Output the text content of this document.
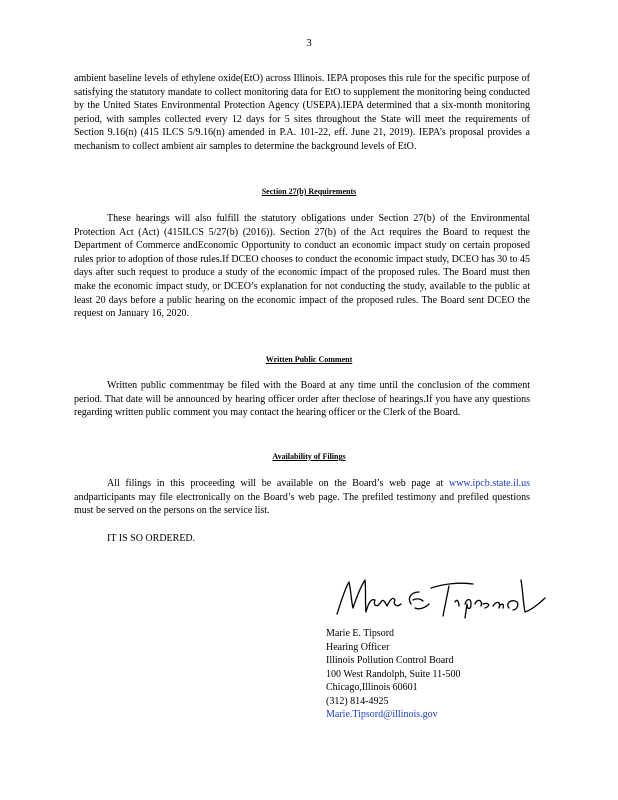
3

ambient baseline levels of ethylene oxide(EtO) across Illinois. IEPA proposes this rule for the specific purpose of satisfying the statutory mandate to collect monitoring data for EtO to supplement the monitoring being conducted by the United States Environmental Protection Agency (USEPA).IEPA determined that a six-month monitoring period, with samples collected every 12 days for 5 sites throughout the State will meet the requirements of Section 9.16(n) (415 ILCS 5/9.16(n) amended in P.A. 101-22, eff. June 21, 2019). IEPA’s proposal provides a mechanism to collect ambient air samples to determine the background levels of EtO.

Section 27(b) Requirements

These hearings will also fulfill the statutory obligations under Section 27(b) of the Environmental Protection Act (Act) (415ILCS 5/27(b) (2016)). Section 27(b) of the Act requires the Board to request the Department of Commerce andEconomic Opportunity to conduct an economic impact study on certain proposed rules prior to adoption of those rules.If DCEO chooses to conduct the economic impact study, DCEO has 30 to 45 days after such request to produce a study of the economic impact of the proposed rules. The Board must then make the economic impact study, or DCEO’s explanation for not conducting the study, available to the public at least 20 days before a public hearing on the economic impact of the proposed rules. The Board sent DCEO the request on January 16, 2020.

Written Public Comment

Written public commentmay be filed with the Board at any time until the conclusion of the comment period. That date will be announced by hearing officer order after theclose of hearings.If you have any questions regarding written public comment you may contact the hearing officer or the Clerk of the Board.

Availability of Filings

All filings in this proceeding will be available on the Board’s web page at www.ipcb.state.il.us andparticipants may file electronically on the Board’s web page. The prefiled testimony and prefiled questions must be served on the persons on the service list.

IT IS SO ORDERED.

Marie E. Tipsord
Hearing Officer
Illinois Pollution Control Board
100 West Randolph, Suite 11-500
Chicago,Illinois 60601
(312) 814-4925
Marie.Tipsord@illinois.gov
